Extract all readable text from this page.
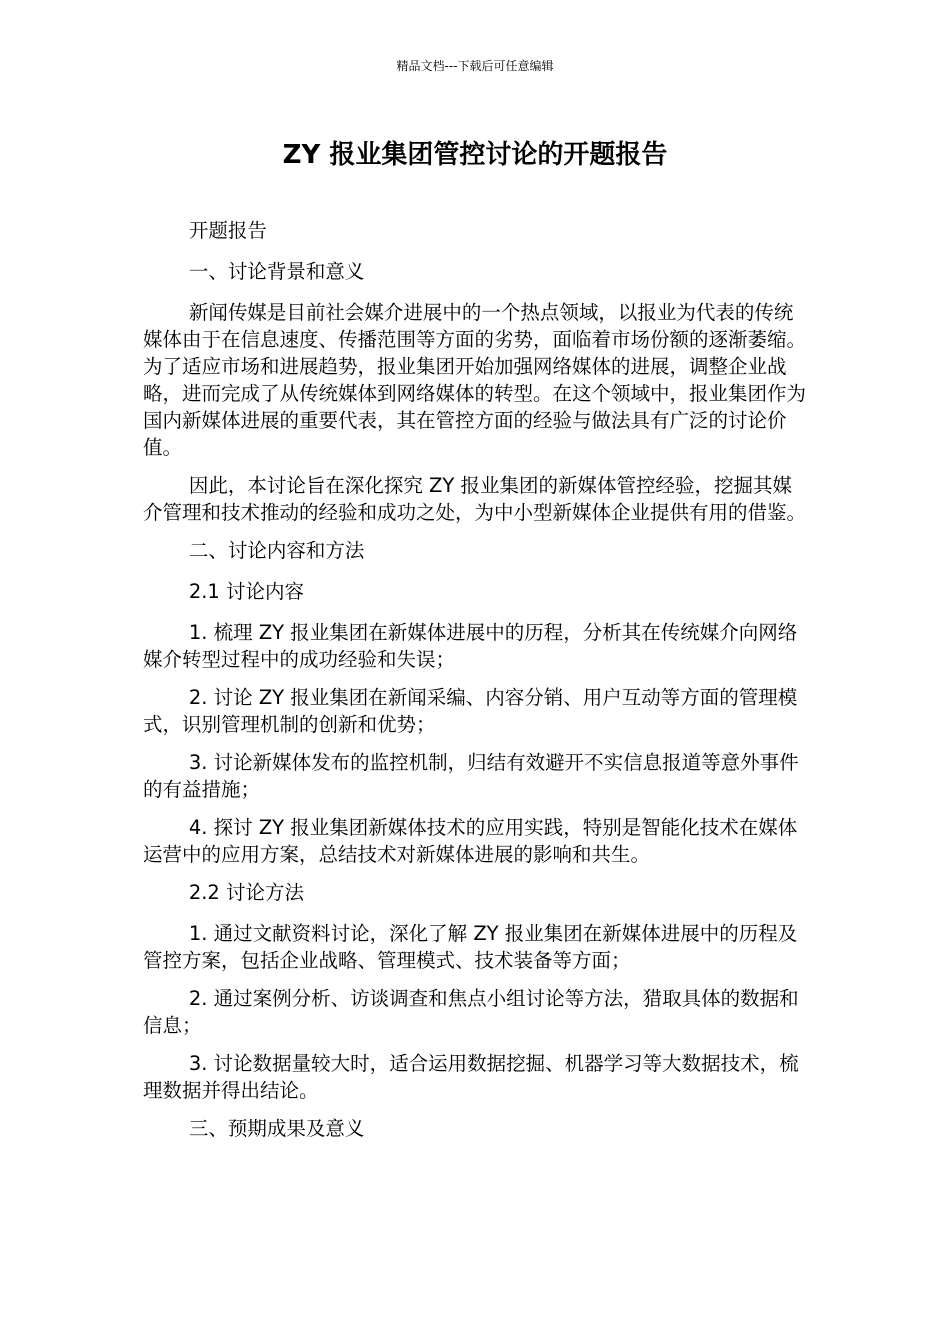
精品文档---下载后可任意编辑
ZY 报业集团管控讨论的开题报告

开题报告

一、讨论背景和意义

新闻传媒是目前社会媒介进展中的一个热点领域，以报业为代表的传统媒体由于在信息速度、传播范围等方面的劣势，面临着市场份额的逐渐萎缩。为了适应市场和进展趋势，报业集团开始加强网络媒体的进展，调整企业战略，进而完成了从传统媒体到网络媒体的转型。在这个领域中，报业集团作为国内新媒体进展的重要代表，其在管控方面的经验与做法具有广泛的讨论价值。

因此，本讨论旨在深化探究 ZY 报业集团的新媒体管控经验，挖掘其媒介管理和技术推动的经验和成功之处，为中小型新媒体企业提供有用的借鉴。

二、讨论内容和方法

2.1 讨论内容

1. 梳理 ZY 报业集团在新媒体进展中的历程，分析其在传统媒介向网络媒介转型过程中的成功经验和失误；

2. 讨论 ZY 报业集团在新闻采编、内容分销、用户互动等方面的管理模式，识别管理机制的创新和优势；

3. 讨论新媒体发布的监控机制，归结有效避开不实信息报道等意外事件的有益措施；

4. 探讨 ZY 报业集团新媒体技术的应用实践，特别是智能化技术在媒体运营中的应用方案，总结技术对新媒体进展的影响和共生。

2.2 讨论方法

1. 通过文献资料讨论，深化了解 ZY 报业集团在新媒体进展中的历程及管控方案，包括企业战略、管理模式、技术装备等方面；

2. 通过案例分析、访谈调查和焦点小组讨论等方法，猎取具体的数据和信息；

3. 讨论数据量较大时，适合运用数据挖掘、机器学习等大数据技术，梳理数据并得出结论。

三、预期成果及意义
